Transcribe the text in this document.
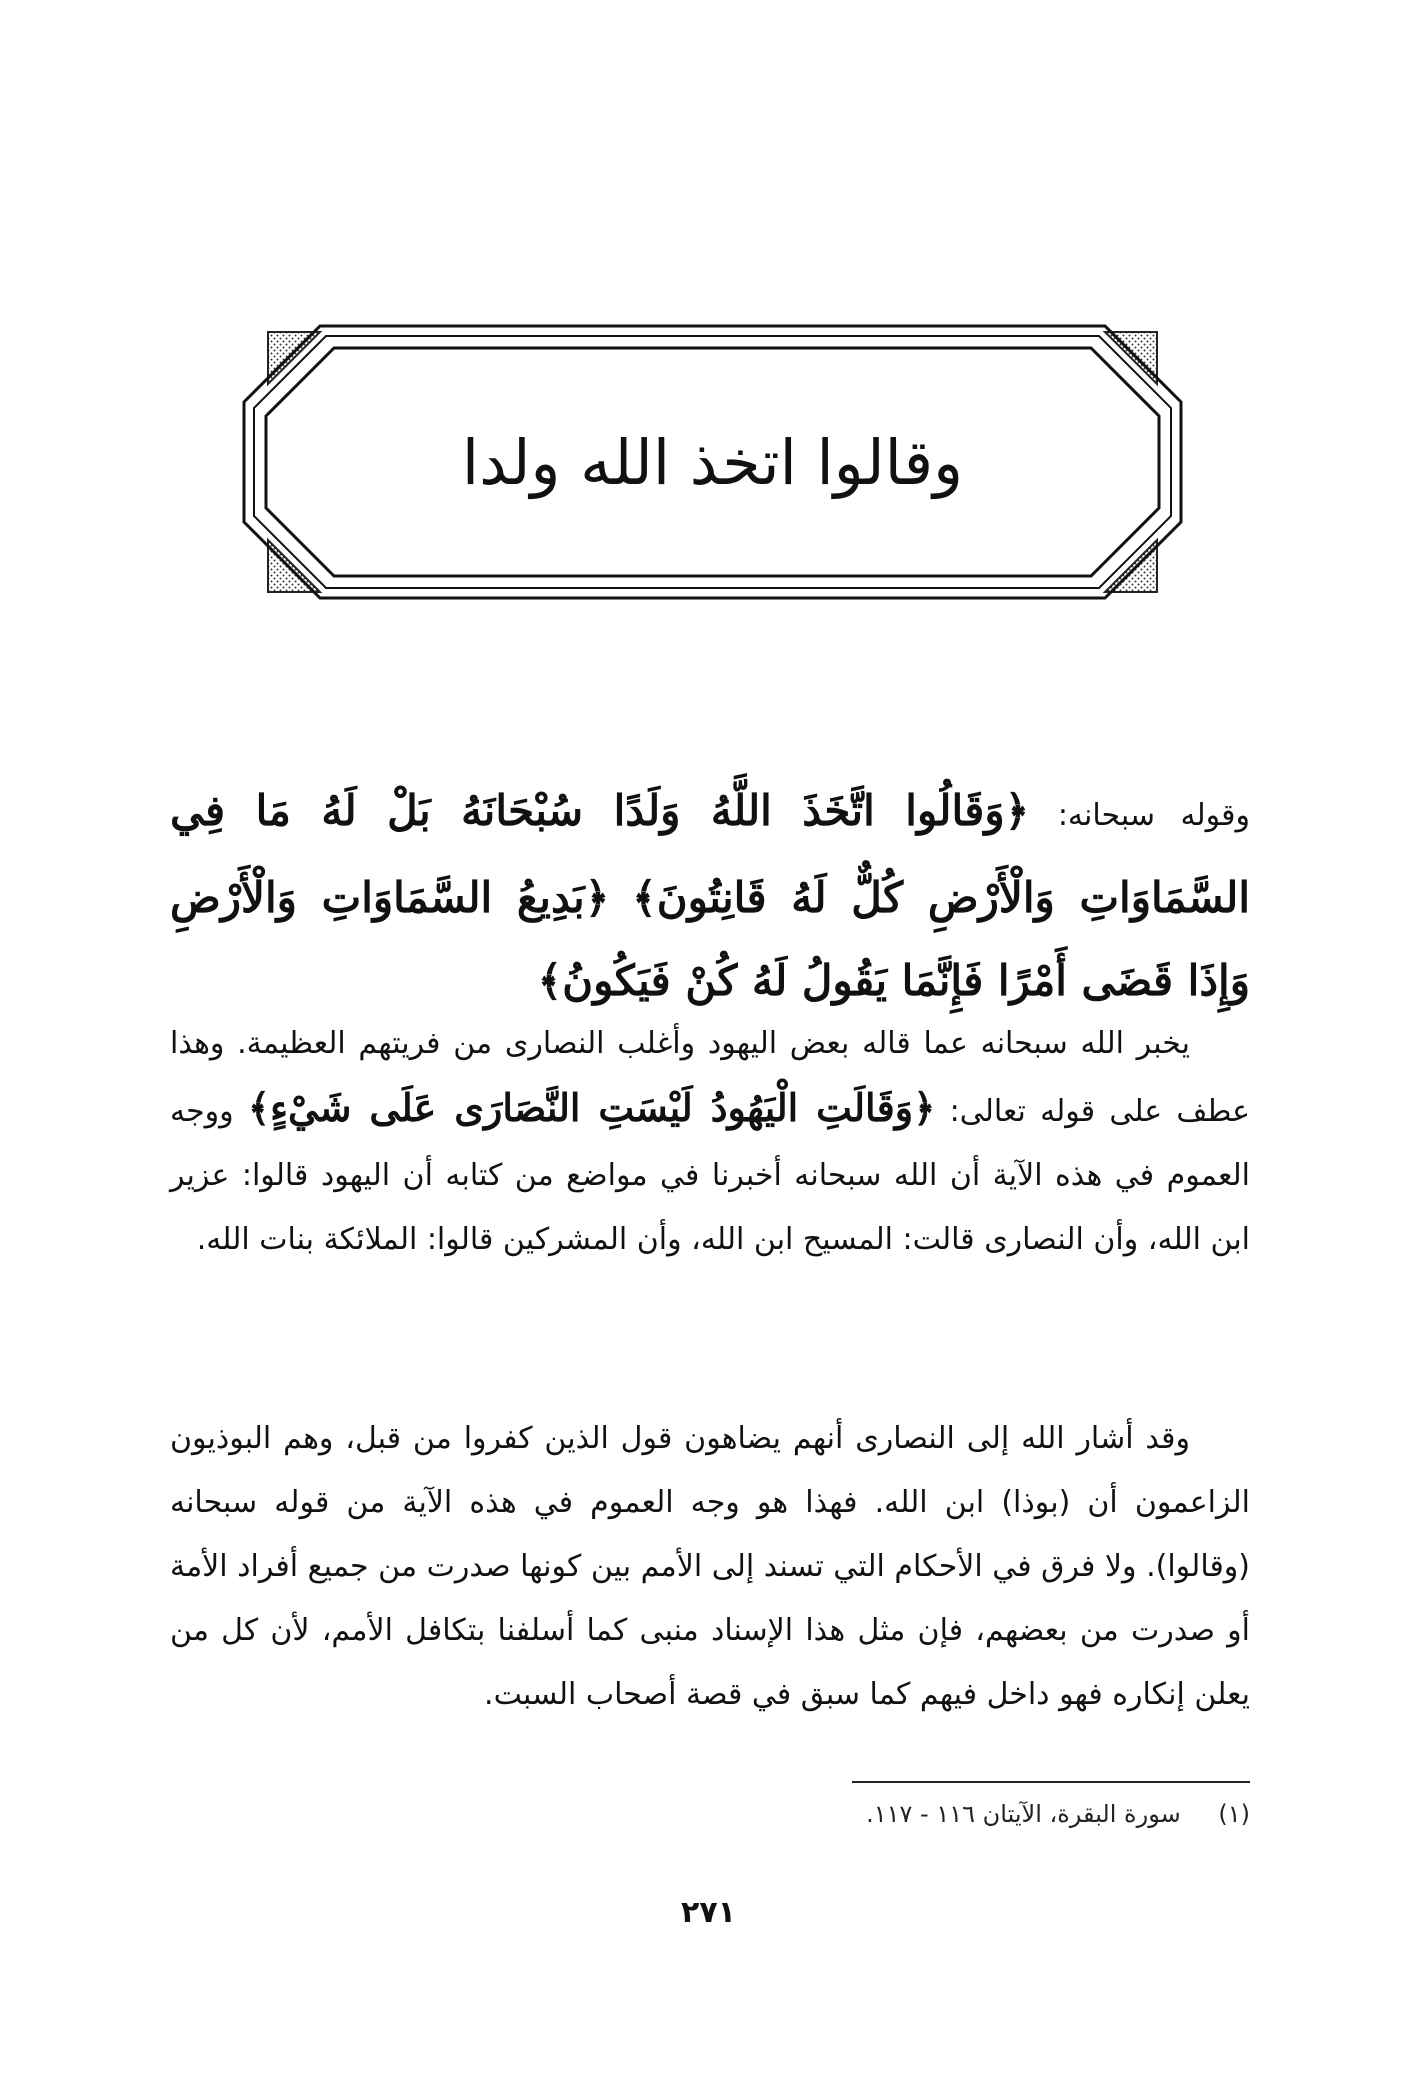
وقالوا اتخذ الله ولدا
وقوله سبحانه: ﴿وَقَالُوا اتَّخَذَ اللَّهُ وَلَدًا سُبْحَانَهُ بَلْ لَهُ مَا فِي السَّمَاوَاتِ وَالْأَرْضِ كُلٌّ لَهُ قَانِتُونَ﴾ ﴿بَدِيعُ السَّمَاوَاتِ وَالْأَرْضِ وَإِذَا قَضَى أَمْرًا فَإِنَّمَا يَقُولُ لَهُ كُنْ فَيَكُونُ﴾
يخبر الله سبحانه عما قاله بعض اليهود وأغلب النصارى من فريتهم العظيمة. وهذا عطف على قوله تعالى: ﴿وَقَالَتِ الْيَهُودُ لَيْسَتِ النَّصَارَى عَلَى شَيْءٍ﴾ ووجه العموم في هذه الآية أن الله سبحانه أخبرنا في مواضع من كتابه أن اليهود قالوا: عزير ابن الله، وأن النصارى قالت: المسيح ابن الله، وأن المشركين قالوا: الملائكة بنات الله.
وقد أشار الله إلى النصارى أنهم يضاهون قول الذين كفروا من قبل، وهم البوذيون الزاعمون أن (بوذا) ابن الله. فهذا هو وجه العموم في هذه الآية من قوله سبحانه (وقالوا). ولا فرق في الأحكام التي تسند إلى الأمم بين كونها صدرت من جميع أفراد الأمة أو صدرت من بعضهم، فإن مثل هذا الإسناد منبى كما أسلفنا بتكافل الأمم، لأن كل من يعلن إنكاره فهو داخل فيهم كما سبق في قصة أصحاب السبت.
(١) سورة البقرة، الآيتان ١١٦ - ١١٧.
٢٧١
